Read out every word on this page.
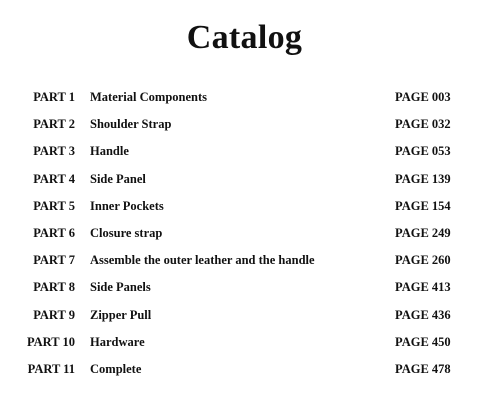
Catalog
PART 1 Material Components	PAGE 003
PART 2 Shoulder Strap	PAGE 032
PART 3 Handle	PAGE 053
PART 4 Side Panel	PAGE 139
PART 5 Inner Pockets	PAGE 154
PART 6 Closure strap	PAGE 249
PART 7 Assemble the outer leather and the handle	PAGE 260
PART 8 Side Panels	PAGE 413
PART 9 Zipper Pull	PAGE 436
PART 10 Hardware	PAGE 450
PART 11 Complete	PAGE 478
